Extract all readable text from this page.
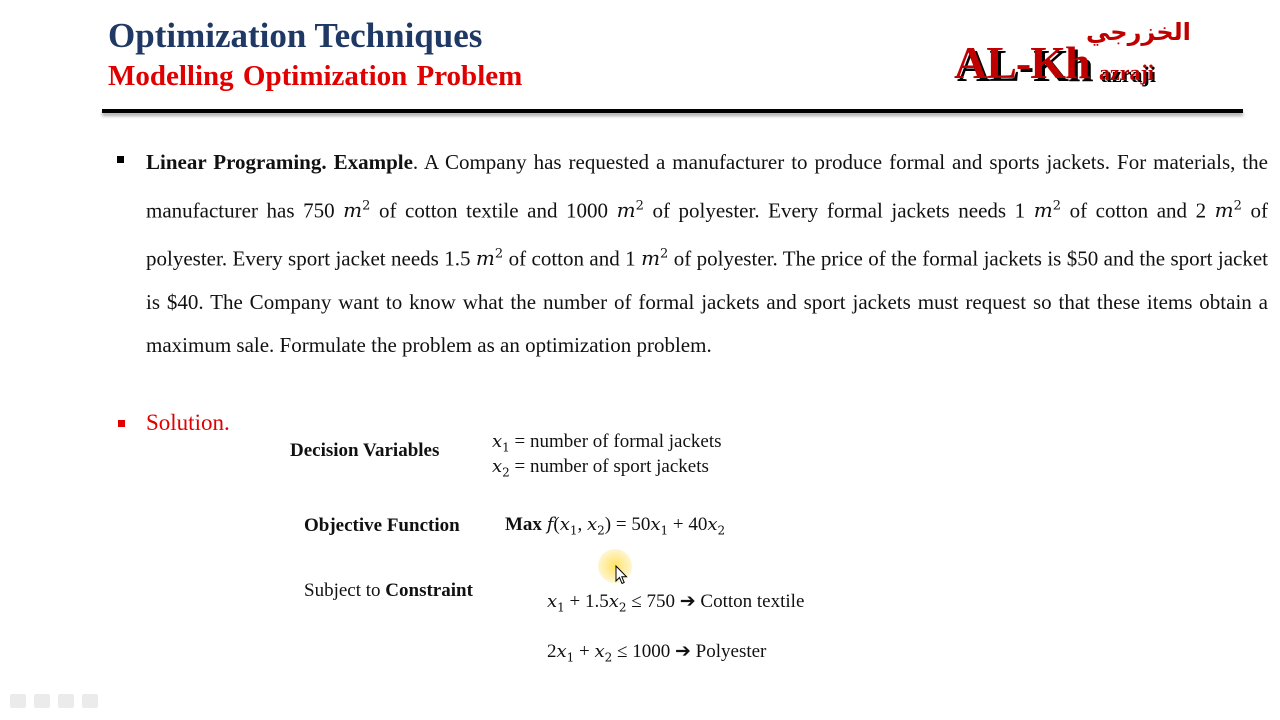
Optimization Techniques
Modelling Optimization Problem
الخزرجي
AL-Kh azraji
Linear Programing. Example. A Company has requested a manufacturer to produce formal and sports jackets. For materials, the manufacturer has 750 $m^2$ of cotton textile and 1000 $m^2$ of polyester. Every formal jackets needs 1 $m^2$ of cotton and 2 $m^2$ of polyester. Every sport jacket needs 1.5 $m^2$ of cotton and 1 $m^2$ of polyester. The price of the formal jackets is $50 and the sport jacket is $40. The Company want to know what the number of formal jackets and sport jackets must request so that these items obtain a maximum sale. Formulate the problem as an optimization problem.
Solution.
Decision Variables	$x_1$ = number of formal jackets
$x_2$ = number of sport jackets
Objective Function Max $f(x_1$, $x_2) = 50x_1 + 40x_2$
Subject to Constraint
$x_1 + 1.5x_2 \le 750$ ➔ Cotton textile
$2x_1 + x_2 \le 1000$ ➔ Polyester
